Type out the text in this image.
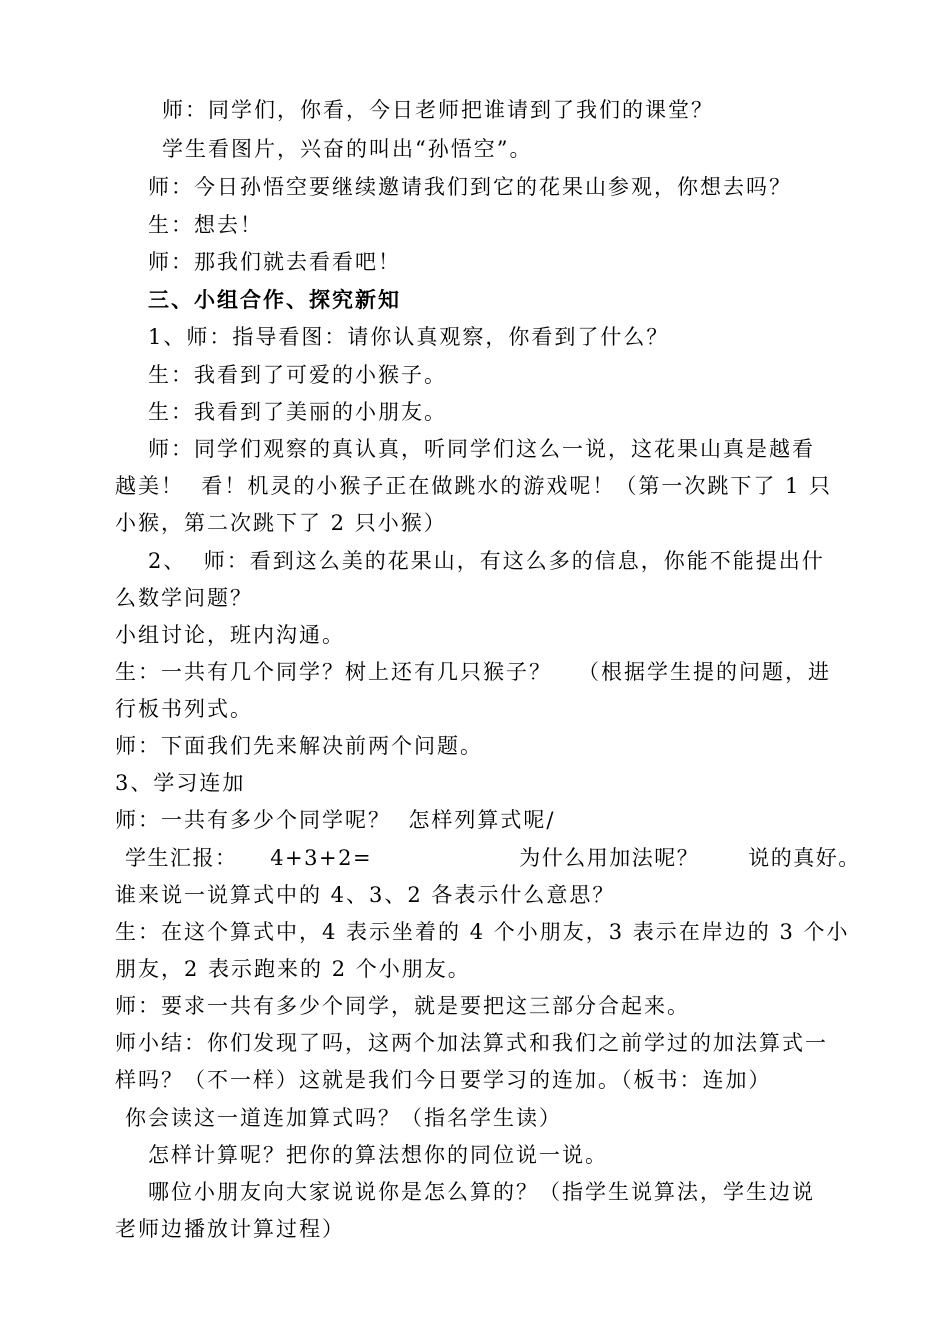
师：同学们，你看，今日老师把谁请到了我们的课堂？
学生看图片，兴奋的叫出“孙悟空”。
师：今日孙悟空要继续邀请我们到它的花果山参观，你想去吗？
生：想去！
师：那我们就去看看吧！
三、小组合作、探究新知
1、师：指导看图：请你认真观察，你看到了什么？
生：我看到了可爱的小猴子。
生：我看到了美丽的小朋友。
师：同学们观察的真认真，听同学们这么一说，这花果山真是越看
越美！  看！机灵的小猴子正在做跳水的游戏呢！（第一次跳下了 1 只
小猴，第二次跳下了 2 只小猴）
2、  师：看到这么美的花果山，有这么多的信息，你能不能提出什
么数学问题？
小组讨论，班内沟通。
生：一共有几个同学？树上还有几只猴子？   （根据学生提的问题，进
行板书列式。
师：下面我们先来解决前两个问题。
3、学习连加
师：一共有多少个同学呢？  怎样列算式呢/
学生汇报：    4+3+2=                  为什么用加法呢？      说的真好。
谁来说一说算式中的 4、3、2 各表示什么意思？
生：在这个算式中，4 表示坐着的 4 个小朋友，3 表示在岸边的 3 个小
朋友，2 表示跑来的 2 个小朋友。
师：要求一共有多少个同学，就是要把这三部分合起来。
师小结：你们发现了吗，这两个加法算式和我们之前学过的加法算式一
样吗？（不一样）这就是我们今日要学习的连加。（板书：连加）
你会读这一道连加算式吗？（指名学生读）
怎样计算呢？把你的算法想你的同位说一说。
哪位小朋友向大家说说你是怎么算的？（指学生说算法，学生边说
老师边播放计算过程）
